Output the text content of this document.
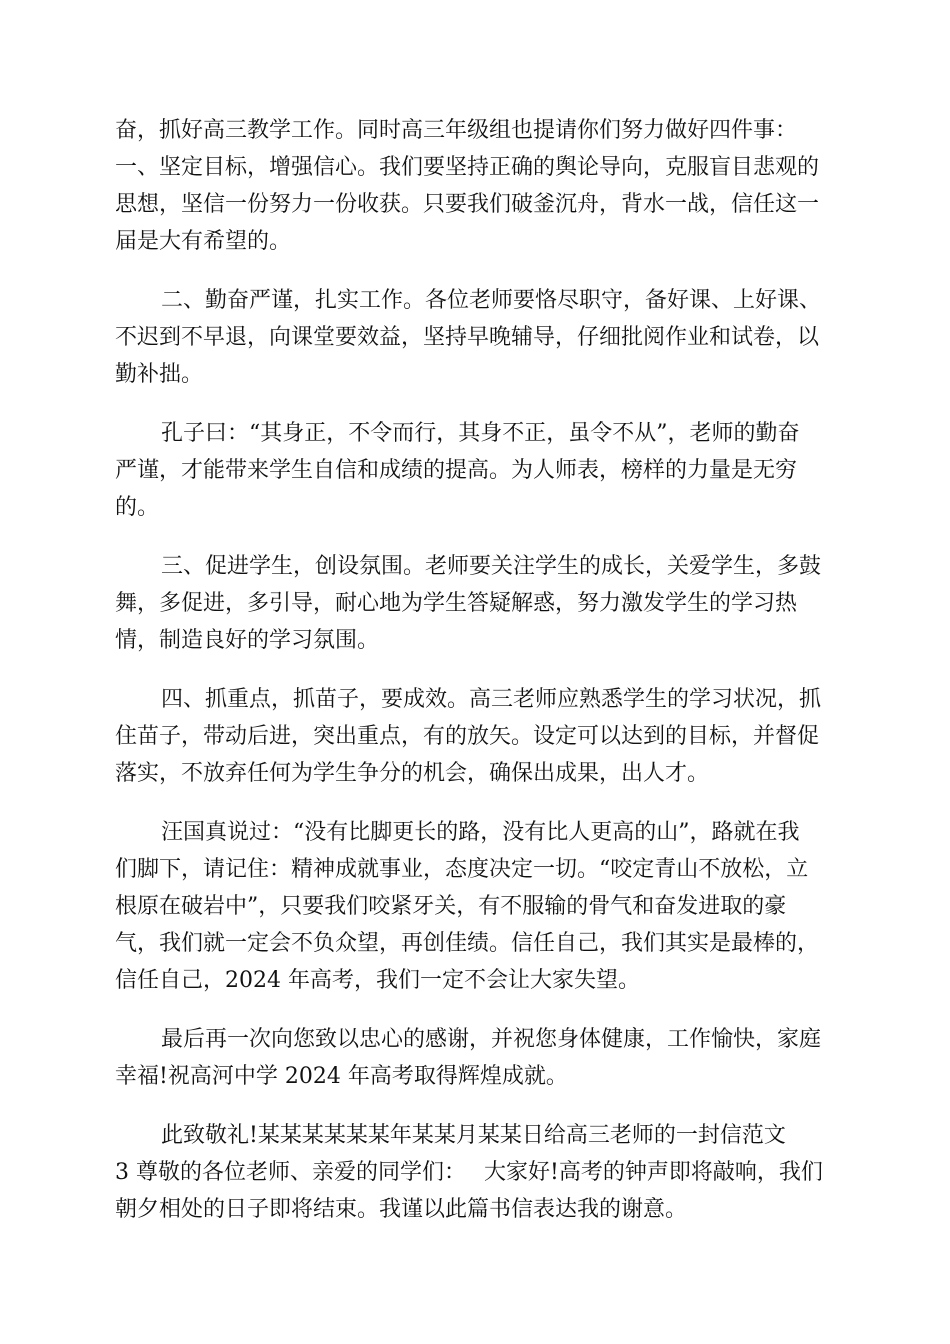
奋，抓好高三教学工作。同时高三年级组也提请你们努力做好四件事：
一、坚定目标，增强信心。我们要坚持正确的舆论导向，克服盲目悲观的
思想，坚信一份努力一份收获。只要我们破釜沉舟，背水一战，信任这一
届是大有希望的。

二、勤奋严谨，扎实工作。各位老师要恪尽职守，备好课、上好课、
不迟到不早退，向课堂要效益，坚持早晚辅导，仔细批阅作业和试卷，以
勤补拙。

孔子曰：“其身正，不令而行，其身不正，虽令不从”，老师的勤奋
严谨，才能带来学生自信和成绩的提高。为人师表，榜样的力量是无穷
的。

三、促进学生，创设氛围。老师要关注学生的成长，关爱学生，多鼓
舞，多促进，多引导，耐心地为学生答疑解惑，努力激发学生的学习热
情，制造良好的学习氛围。

四、抓重点，抓苗子，要成效。高三老师应熟悉学生的学习状况，抓
住苗子，带动后进，突出重点，有的放矢。设定可以达到的目标，并督促
落实，不放弃任何为学生争分的机会，确保出成果，出人才。

汪国真说过：“没有比脚更长的路，没有比人更高的山”，路就在我
们脚下，请记住：精神成就事业，态度决定一切。“咬定青山不放松，立
根原在破岩中”，只要我们咬紧牙关，有不服输的骨气和奋发进取的豪
气，我们就一定会不负众望，再创佳绩。信任自己，我们其实是最棒的，
信任自己，2024 年高考，我们一定不会让大家失望。

最后再一次向您致以忠心的感谢，并祝您身体健康，工作愉快，家庭
幸福!祝高河中学 2024 年高考取得辉煌成就。

此致敬礼!某某某某某某年某某月某某日给高三老师的一封信范文
3 尊敬的各位老师、亲爱的同学们：　 大家好!高考的钟声即将敲响，我们
朝夕相处的日子即将结束。我谨以此篇书信表达我的谢意。
